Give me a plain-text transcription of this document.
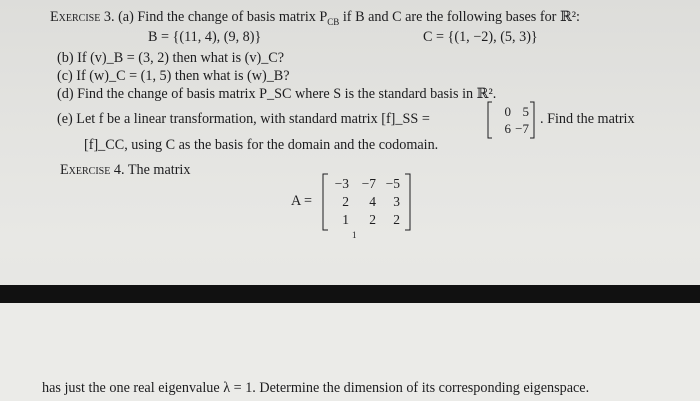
Exercise 3. (a) Find the change of basis matrix $P_{CB}$ if B and C are the following bases for ℝ²:
B = {(11, 4), (9, 8)}	C = {(1, −2), (5, 3)}
(b) If (v)_B = (3, 2) then what is (v)_C?
(c) If (w)_C = (1, 5) then what is (w)_B?
(d) Find the change of basis matrix P_SC where S is the standard basis in ℝ².
(e) Let f be a linear transformation, with standard matrix [f]_SS =	0 5
6 −7
. Find the matrix
[f]_CC, using C as the basis for the domain and the codomain.
Exercise 4. The matrix
A =
−3 −7 −5
2	4	3
1	2	2
1
has just the one real eigenvalue λ = 1. Determine the dimension of its corresponding eigenspace.
